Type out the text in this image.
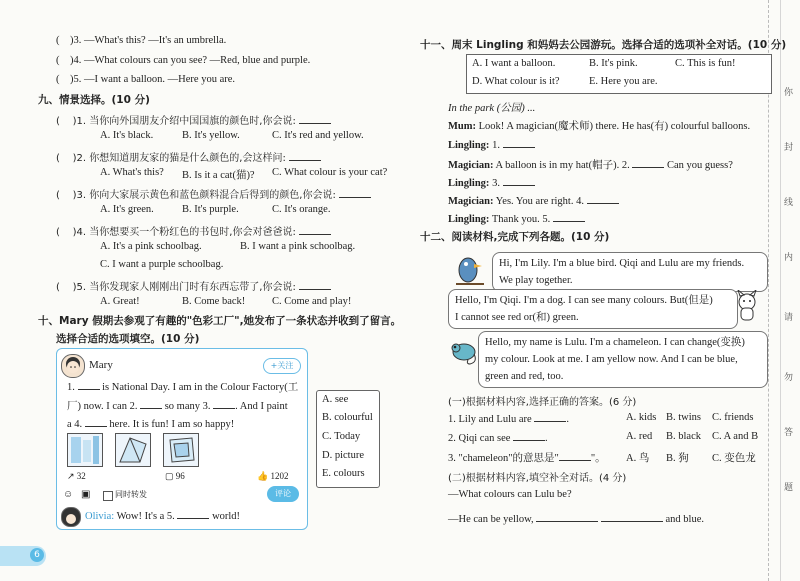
( )3. —What's this? —It's an umbrella.
( )4. —What colours can you see? —Red, blue and purple.
( )5. —I want a balloon. —Here you are.
九、情景选择。(10 分)
(    )1. 当你向外国朋友介绍中国国旗的颜色时,你会说:
A. It's black.	B. It's yellow.	C. It's red and yellow.
(    )2. 你想知道朋友家的猫是什么颜色的,会这样问:
A. What's this? B. Is it a cat(猫)? C. What colour is your cat?
(    )3. 你向大家展示黄色和蓝色颜料混合后得到的颜色,你会说:
A. It's green.	B. It's purple.	C. It's orange.
(    )4. 当你想要买一个粉红色的书包时,你会对爸爸说:
A. It's a pink schoolbag.	B. I want a pink schoolbag.
C. I want a purple schoolbag.
(    )5. 当你发现家人刚刚出门时有东西忘带了,你会说:
A. Great!	B. Come back!	C. Come and play!
十、Mary 假期去参观了有趣的"色彩工厂",她发布了一条状态并收到了留言。
选择合适的选项填空。(10 分)
Mary	+关注
1.	is National Day. I am in the Colour Factory(工
厂) now. I can 2.	so many 3. . And I paint
a 4.	here. It is fun! I am so happy!
↗ 32	▢ 96	👍 1202
☺ ▣	同时转发	评论
Olivia: Wow! It's a 5.	world!
A. see
B. colourful
C. Today
D. picture
E. colours
6
十一、周末 Lingling 和妈妈去公园游玩。选择合适的选项补全对话。(10 分)
A. I want a balloon.	B. It's pink.	C. This is fun!
D. What colour is it?	E. Here you are.
In the park (公园) ...
Mum: Look! A magician(魔术师) there. He has(有) colourful balloons.
Lingling: 1.
Magician: A balloon is in my hat(帽子). 2.	Can you guess?
Lingling: 3.
Magician: Yes. You are right. 4.
Lingling: Thank you. 5.
十二、阅读材料,完成下列各题。(10 分)
Hi, I'm Lily. I'm a blue bird. Qiqi and Lulu are my friends.
We play together.
Hello, I'm Qiqi. I'm a dog. I can see many colours. But(但是)
I cannot see red or(和) green.
Hello, my name is Lulu. I'm a chameleon. I can change(变换)
my colour. Look at me. I am yellow now. And I can be blue,
green and red, too.
(一)根据材料内容,选择正确的答案。(6 分)
1. Lily and Lulu are	.	A. kids B. twins C. friends
2. Qiqi can see	.	A. red B. black C. A and B
3. "chameleon"的意思是"	"。 A. 鸟 B. 狗 C. 变色龙
(二)根据材料内容,填空补全对话。(4 分)
—What colours can Lulu be?
—He can be yellow,	and blue.
你
封
线
内
请
勿
答
题
